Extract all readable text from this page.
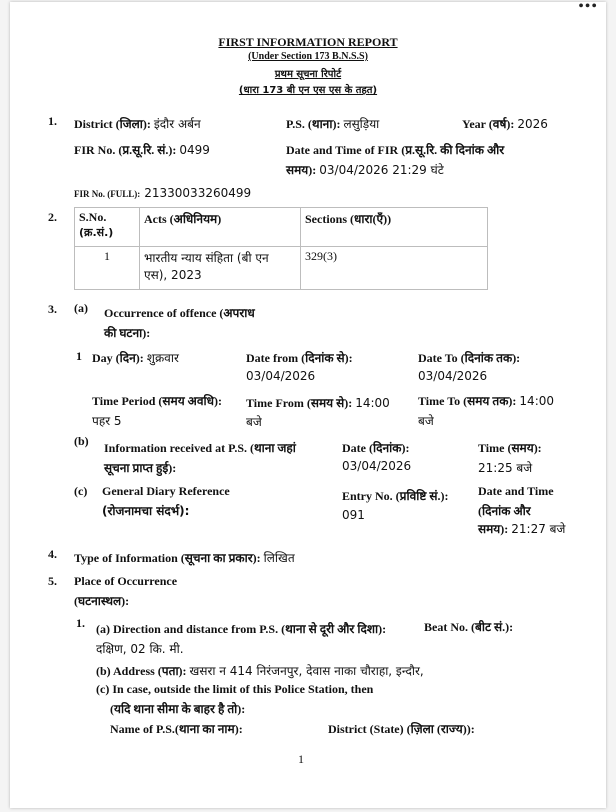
•••
FIRST INFORMATION REPORT
(Under Section 173 B.N.S.S)
प्रथम सूचना रिपोर्ट
(धारा 173 बी एन एस एस के तहत)
1. District (जिला): इंदौर अर्बन	P.S. (थाना): लसुड़िया	Year (वर्ष): 2026
FIR No. (प्र.सू.रि. सं.): 0499	Date and Time of FIR (प्र.सू.रि. की दिनांक और
समय): 03/04/2026 21:29 घंटे
FIR No. (FULL): 21330033260499
2. S.No.
(क्र.सं.)	Acts (अधिनियम)	Sections (धारा(एँ))
1	भारतीय न्याय संहिता (बी एन
एस), 2023	329(3)
3. (a) Occurrence of offence (अपराध
की घटना):
1 Day (दिन): शुक्रवार	Date from (दिनांक से):
03/04/2026
Date To (दिनांक तक):
03/04/2026
Time Period (समय अवधि):
पहर 5
Time From (समय से): 14:00
बजे
Time To (समय तक): 14:00
बजे
(b) Information received at P.S. (थाना जहां
सूचना प्राप्त हुई):
Date (दिनांक):
03/04/2026
Time (समय):
21:25 बजे
(c) General Diary Reference
(रोजनामचा संदर्भ):
Entry No. (प्रविष्टि सं.):
091
Date and Time
(दिनांक और
समय): 21:27 बजे
4. Type of Information (सूचना का प्रकार): लिखित
5. Place of Occurrence
(घटनास्थल):
1. (a) Direction and distance from P.S. (थाना से दूरी और दिशा):	Beat No. (बीट सं.):
दक्षिण, 02 कि. मी.
(b) Address (पता): खसरा न 414 निरंजनपुर, देवास नाका चौराहा, इन्दौर,
(c) In case, outside the limit of this Police Station, then
(यदि थाना सीमा के बाहर है तो):
Name of P.S.(थाना का नाम):	District (State) (ज़िला (राज्य)):
1
